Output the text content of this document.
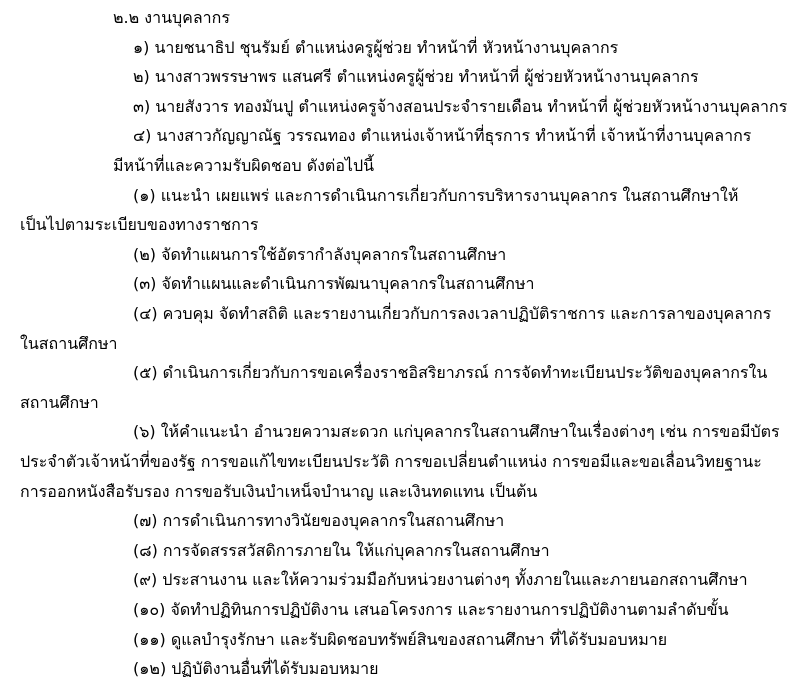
๒.๒ งานบุคลากร
๑) นายชนาธิป ชุนรัมย์ ตำแหน่งครูผู้ช่วย ทำหน้าที่ หัวหน้างานบุคลากร
๒) นางสาวพรรษาพร แสนศรี ตำแหน่งครูผู้ช่วย ทำหน้าที่ ผู้ช่วยหัวหน้างานบุคลากร
๓) นายสังวาร ทองมันปู ตำแหน่งครูจ้างสอนประจำรายเดือน ทำหน้าที่ ผู้ช่วยหัวหน้างานบุคลากร
๔) นางสาวกัญญาณัฐ วรรณทอง ตำแหน่งเจ้าหน้าที่ธุรการ ทำหน้าที่ เจ้าหน้าที่งานบุคลากร
มีหน้าที่และความรับผิดชอบ ดังต่อไปนี้
(๑) แนะนำ เผยแพร่ และการดำเนินการเกี่ยวกับการบริหารงานบุคลากร ในสถานศึกษาให้
เป็นไปตามระเบียบของทางราชการ
(๒) จัดทำแผนการใช้อัตรากำลังบุคลากรในสถานศึกษา
(๓) จัดทำแผนและดำเนินการพัฒนาบุคลากรในสถานศึกษา
(๔) ควบคุม จัดทำสถิติ และรายงานเกี่ยวกับการลงเวลาปฏิบัติราชการ และการลาของบุคลากร
ในสถานศึกษา
(๕) ดำเนินการเกี่ยวกับการขอเครื่องราชอิสริยาภรณ์ การจัดทำทะเบียนประวัติของบุคลากรใน
สถานศึกษา
(๖) ให้คำแนะนำ อำนวยความสะดวก แก่บุคลากรในสถานศึกษาในเรื่องต่างๆ เช่น การขอมีบัตร
ประจำตัวเจ้าหน้าที่ของรัฐ การขอแก้ไขทะเบียนประวัติ การขอเปลี่ยนตำแหน่ง การขอมีและขอเลื่อนวิทยฐานะ
การออกหนังสือรับรอง การขอรับเงินบำเหน็จบำนาญ และเงินทดแทน เป็นต้น
(๗) การดำเนินการทางวินัยของบุคลากรในสถานศึกษา
(๘) การจัดสรรสวัสดิการภายใน ให้แก่บุคลากรในสถานศึกษา
(๙) ประสานงาน และให้ความร่วมมือกับหน่วยงานต่างๆ ทั้งภายในและภายนอกสถานศึกษา
(๑๐) จัดทำปฏิทินการปฏิบัติงาน เสนอโครงการ และรายงานการปฏิบัติงานตามลำดับขั้น
(๑๑) ดูแลบำรุงรักษา และรับผิดชอบทรัพย์สินของสถานศึกษา ที่ได้รับมอบหมาย
(๑๒) ปฏิบัติงานอื่นที่ได้รับมอบหมาย
